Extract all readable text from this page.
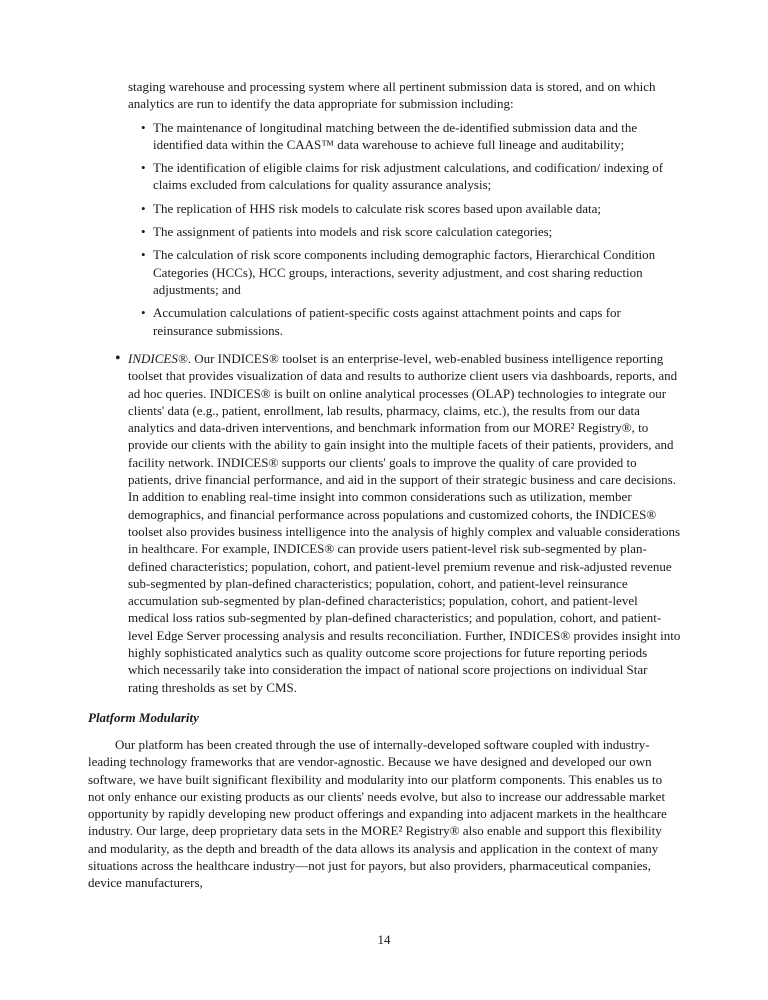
staging warehouse and processing system where all pertinent submission data is stored, and on which analytics are run to identify the data appropriate for submission including:

• The maintenance of longitudinal matching between the de-identified submission data and the identified data within the CAAS™ data warehouse to achieve full lineage and auditability;
• The identification of eligible claims for risk adjustment calculations, and codification/ indexing of claims excluded from calculations for quality assurance analysis;
• The replication of HHS risk models to calculate risk scores based upon available data;
• The assignment of patients into models and risk score calculation categories;
• The calculation of risk score components including demographic factors, Hierarchical Condition Categories (HCCs), HCC groups, interactions, severity adjustment, and cost sharing reduction adjustments; and
• Accumulation calculations of patient-specific costs against attachment points and caps for reinsurance submissions.
• INDICES®. Our INDICES® toolset is an enterprise-level, web-enabled business intelligence reporting toolset that provides visualization of data and results to authorize client users via dashboards, reports, and ad hoc queries. INDICES® is built on online analytical processes (OLAP) technologies to integrate our clients' data (e.g., patient, enrollment, lab results, pharmacy, claims, etc.), the results from our data analytics and data-driven interventions, and benchmark information from our MORE² Registry®, to provide our clients with the ability to gain insight into the multiple facets of their patients, providers, and facility network. INDICES® supports our clients' goals to improve the quality of care provided to patients, drive financial performance, and aid in the support of their strategic business and care decisions. In addition to enabling real-time insight into common considerations such as utilization, member demographics, and financial performance across populations and customized cohorts, the INDICES® toolset also provides business intelligence into the analysis of highly complex and valuable considerations in healthcare. For example, INDICES® can provide users patient-level risk sub-segmented by plan-defined characteristics; population, cohort, and patient-level premium revenue and risk-adjusted revenue sub-segmented by plan-defined characteristics; population, cohort, and patient-level reinsurance accumulation sub-segmented by plan-defined characteristics; population, cohort, and patient-level medical loss ratios sub-segmented by plan-defined characteristics; and population, cohort, and patient-level Edge Server processing analysis and results reconciliation. Further, INDICES® provides insight into highly sophisticated analytics such as quality outcome score projections for future reporting periods which necessarily take into consideration the impact of national score projections on individual Star rating thresholds as set by CMS.

Platform Modularity

Our platform has been created through the use of internally-developed software coupled with industry-leading technology frameworks that are vendor-agnostic. Because we have designed and developed our own software, we have built significant flexibility and modularity into our platform components. This enables us to not only enhance our existing products as our clients' needs evolve, but also to increase our addressable market opportunity by rapidly developing new product offerings and expanding into adjacent markets in the healthcare industry. Our large, deep proprietary data sets in the MORE² Registry® also enable and support this flexibility and modularity, as the depth and breadth of the data allows its analysis and application in the context of many situations across the healthcare industry—not just for payors, but also providers, pharmaceutical companies, device manufacturers,

14
